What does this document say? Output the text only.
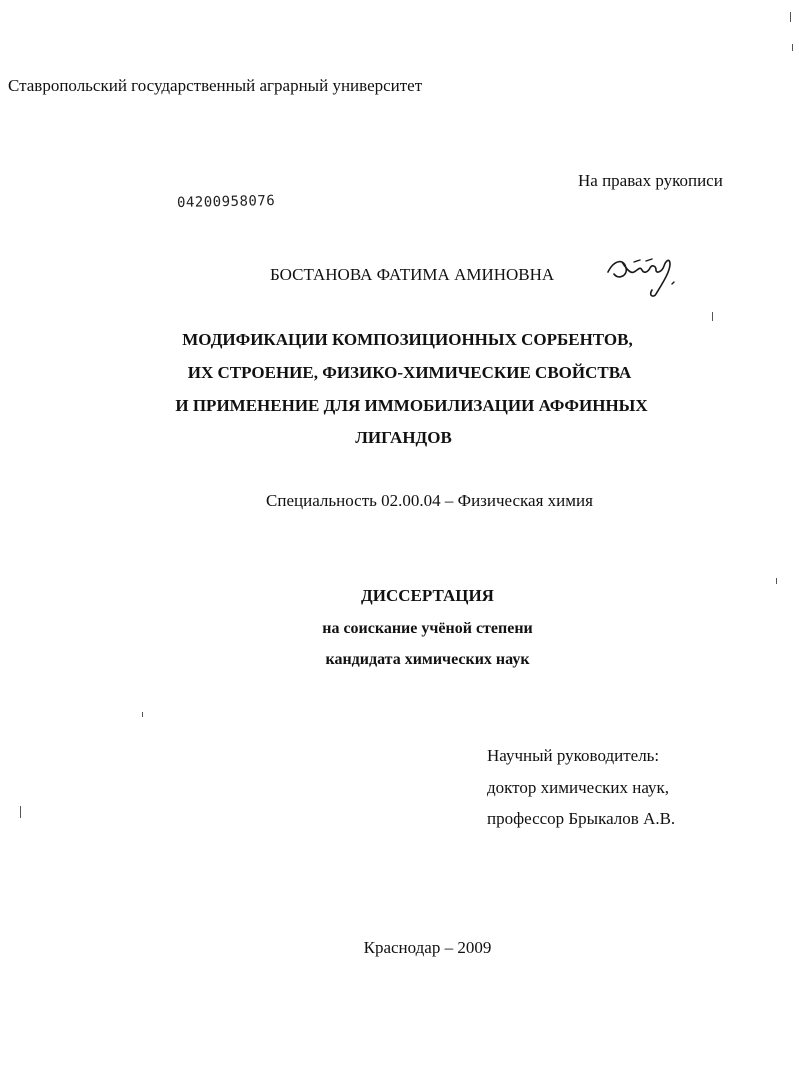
Ставропольский государственный аграрный университет
На правах рукописи
04200958076
БОСТАНОВА ФАТИМА АМИНОВНА
МОДИФИКАЦИИ КОМПОЗИЦИОННЫХ СОРБЕНТОВ,
ИХ СТРОЕНИЕ, ФИЗИКО-ХИМИЧЕСКИЕ СВОЙСТВА
И ПРИМЕНЕНИЕ ДЛЯ ИММОБИЛИЗАЦИИ АФФИННЫХ
ЛИГАНДОВ
Специальность 02.00.04 – Физическая химия
ДИССЕРТАЦИЯ
на соискание учёной степени
кандидата химических наук
Научный руководитель:
доктор химических наук,
профессор Брыкалов А.В.
Краснодар – 2009
